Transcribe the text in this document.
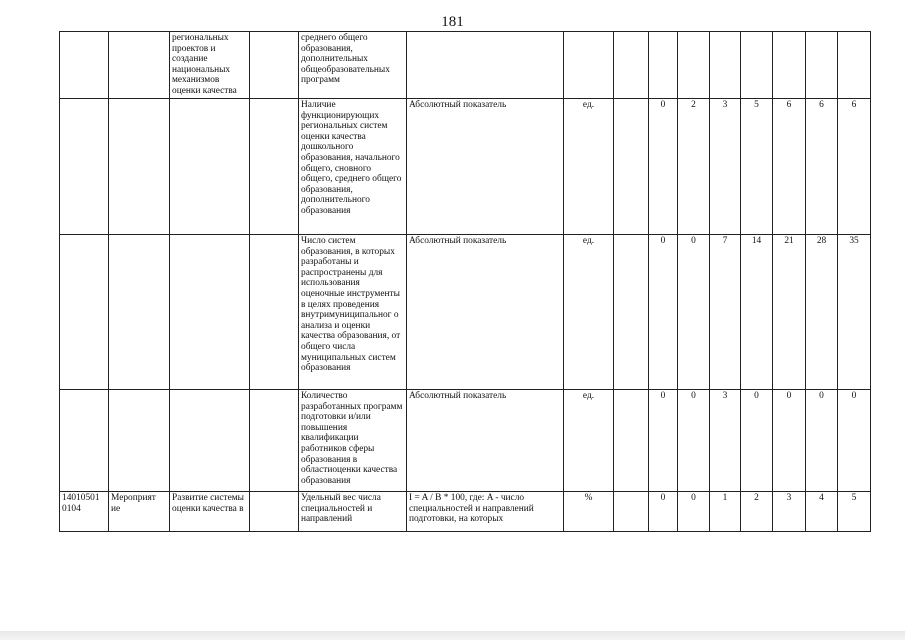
181
		региональных проектов и создание национальных механизмов оценки качества		среднего общего образования, дополнительных общеобразовательных программ										
				Наличие функционирующих региональных систем оценки качества дошкольного образования, начального общего, сновного общего, среднего общего образования, дополнительного образования	Абсолютный показатель	ед.		0	2	3	5	6	6	6
				Число систем образования, в которых разработаны и распространены для использования оценочные инструменты в целях проведения внутримуниципальног о анализа и оценки качества образования, от общего числа муниципальных систем образования	Абсолютный показатель	ед.		0	0	7	14	21	28	35
				Количество разработанных программ подготовки и/или повышения квалификации работников сферы образования в областиоценки качества образования	Абсолютный показатель	ед.		0	0	3	0	0	0	0
14010501 0104	Мероприят ие	Развитие системы оценки качества в		Удельный вес числа специальностей и направлений	I = A / B * 100, где: A - число специальностей и направлений подготовки, на которых	%		0	0	1	2	3	4	5
